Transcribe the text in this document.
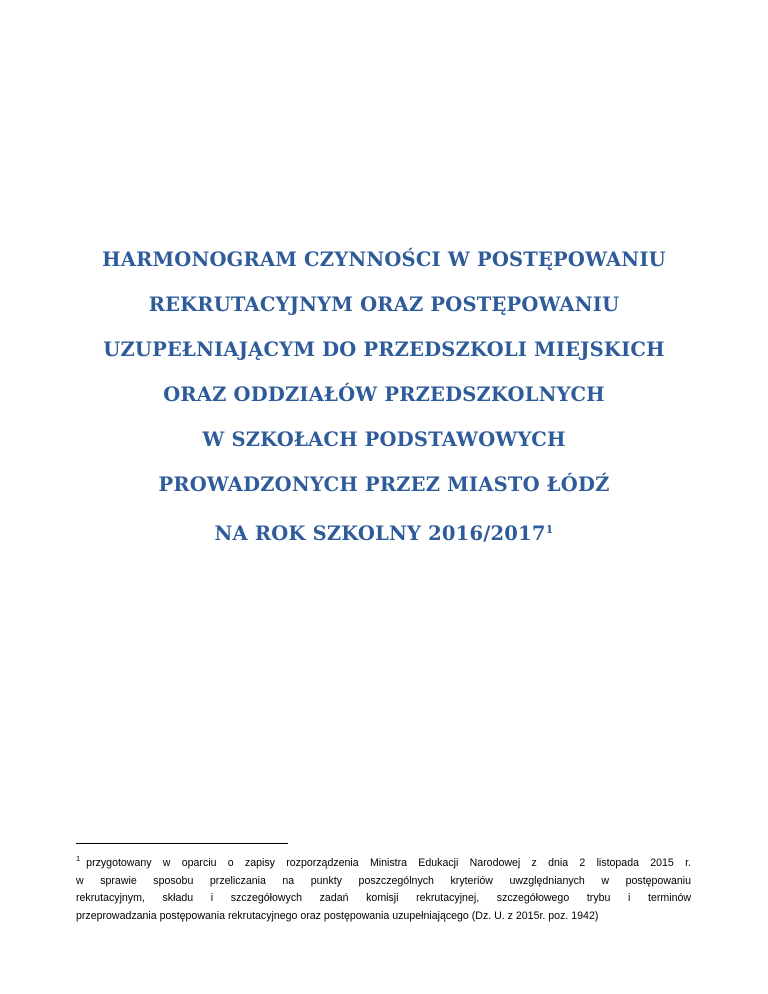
HARMONOGRAM CZYNNOŚCI W POSTĘPOWANIU
REKRUTACYJNYM ORAZ POSTĘPOWANIU
UZUPEŁNIAJĄCYM DO PRZEDSZKOLI MIEJSKICH
ORAZ ODDZIAŁÓW PRZEDSZKOLNYCH
W SZKOŁACH PODSTAWOWYCH
PROWADZONYCH PRZEZ MIASTO ŁÓDŹ
NA ROK SZKOLNY 2016/2017$^1$
$^1$ przygotowany w oparciu o zapisy rozporządzenia Ministra Edukacji Narodowej z dnia 2 listopada 2015 r.
w sprawie sposobu przeliczania na punkty poszczególnych kryteriów uwzględnianych w postępowaniu
rekrutacyjnym, składu i szczegółowych zadań komisji rekrutacyjnej, szczegółowego trybu i terminów
przeprowadzania postępowania rekrutacyjnego oraz postępowania uzupełniającego (Dz. U. z 2015r. poz. 1942)
